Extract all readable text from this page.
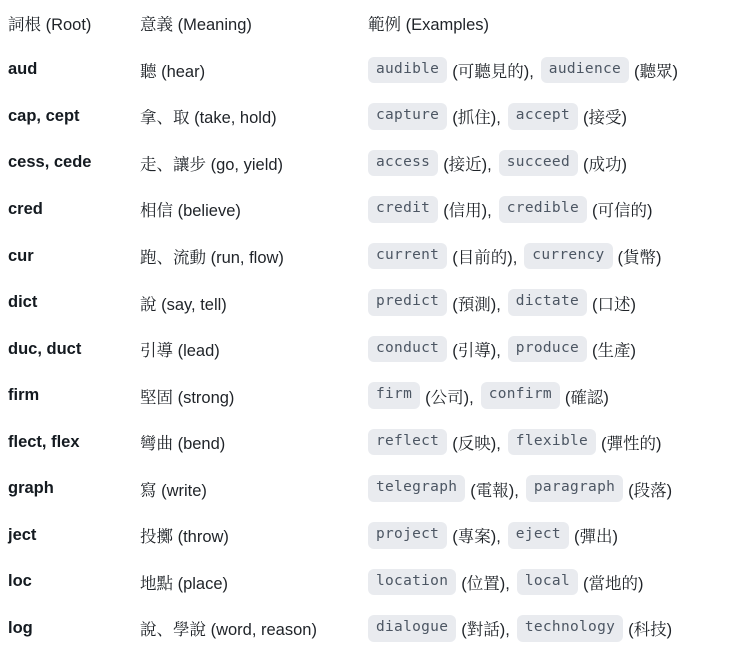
詞根 (Root)	意義 (Meaning)	範例 (Examples)
aud	聽 (hear)	audible (可聽見的),	audience (聽眾)
cap, cept	拿、取 (take, hold)	capture (抓住),	accept (接受)
cess, cede	走、讓步 (go, yield)	access (接近),	succeed (成功)
cred	相信 (believe)	credit (信用),	credible (可信的)
cur	跑、流動 (run, flow)	current (目前的),	currency (貨幣)
dict	說 (say, tell)	predict (預測),	dictate (口述)
duc, duct	引導 (lead)	conduct (引導),	produce (生產)
firm	堅固 (strong)	firm (公司),	confirm (確認)
flect, flex	彎曲 (bend)	reflect (反映),	flexible (彈性的)
graph	寫 (write)	telegraph (電報),	paragraph (段落)
ject	投擲 (throw)	project (專案),	eject (彈出)
loc	地點 (place)	location (位置),	local (當地的)
log	說、學說 (word, reason)	dialogue (對話),	technology (科技)
